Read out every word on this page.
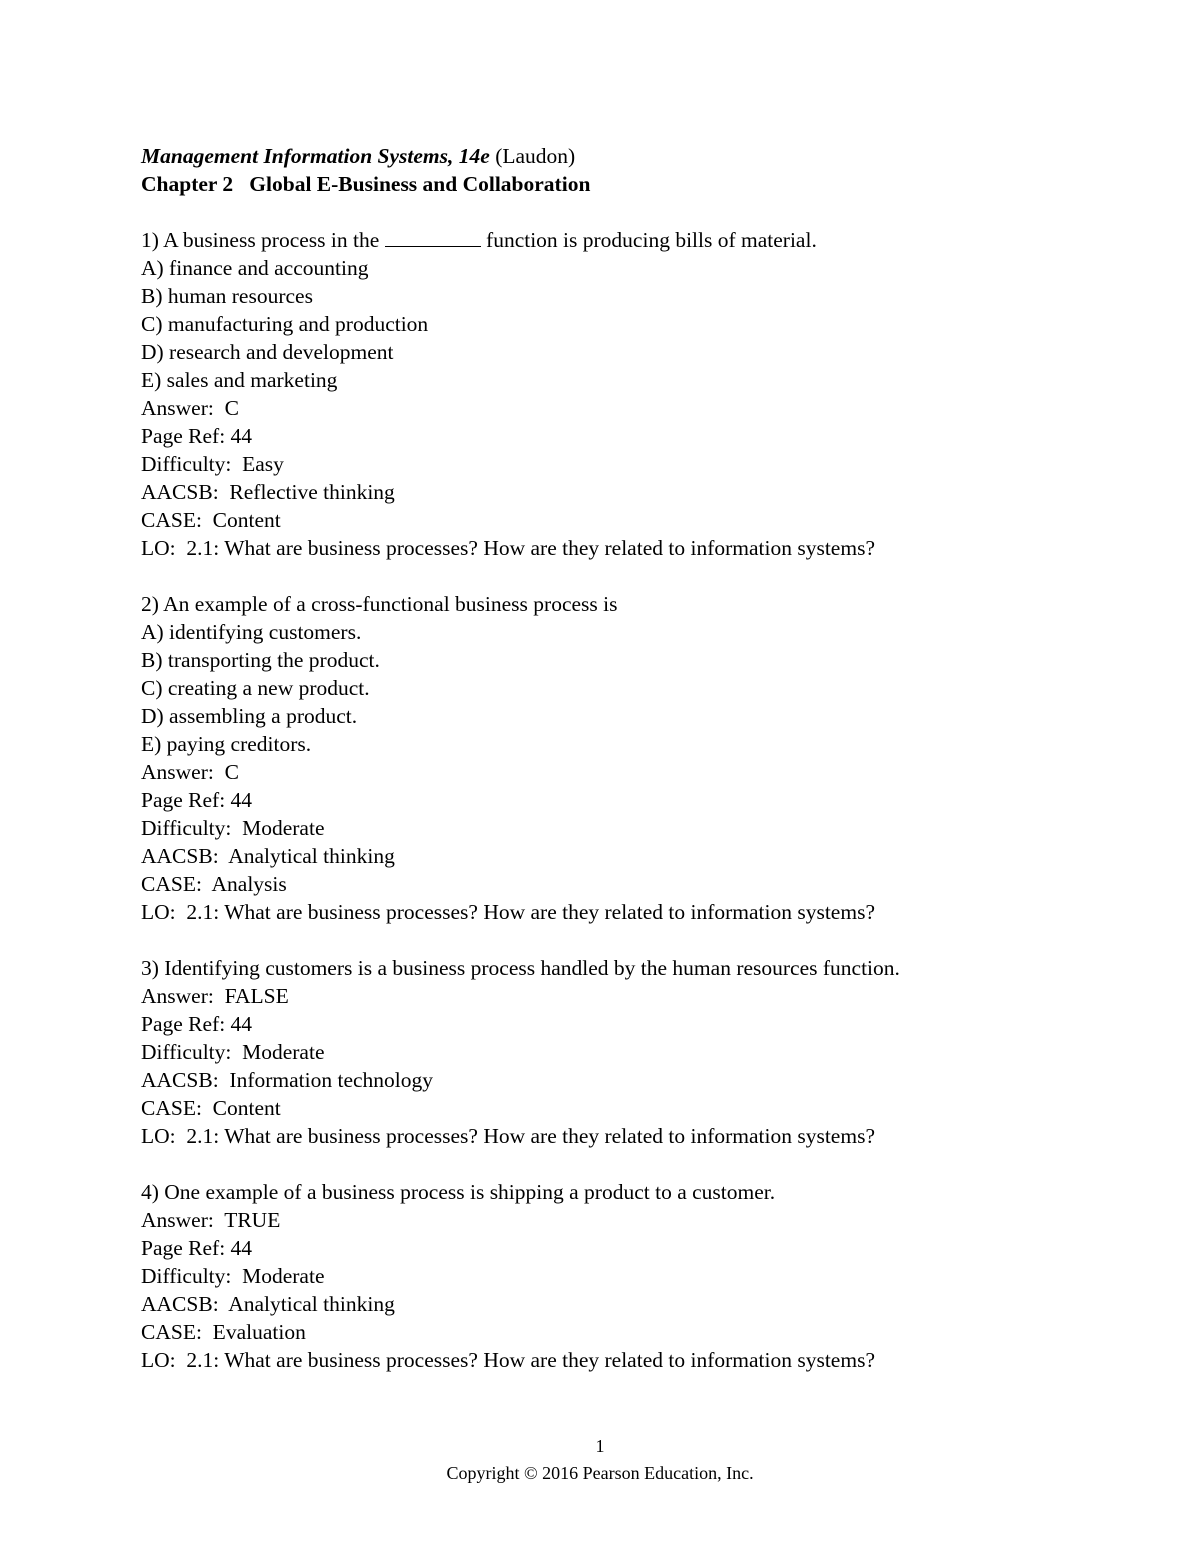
Management Information Systems, 14e (Laudon)
Chapter 2   Global E-Business and Collaboration
1) A business process in the	function is producing bills of material.
A) finance and accounting
B) human resources
C) manufacturing and production
D) research and development
E) sales and marketing
Answer:  C
Page Ref: 44
Difficulty:  Easy
AACSB:  Reflective thinking
CASE:  Content
LO:  2.1: What are business processes? How are they related to information systems?
2) An example of a cross-functional business process is
A) identifying customers.
B) transporting the product.
C) creating a new product.
D) assembling a product.
E) paying creditors.
Answer:  C
Page Ref: 44
Difficulty:  Moderate
AACSB:  Analytical thinking
CASE:  Analysis
LO:  2.1: What are business processes? How are they related to information systems?
3) Identifying customers is a business process handled by the human resources function.
Answer:  FALSE
Page Ref: 44
Difficulty:  Moderate
AACSB:  Information technology
CASE:  Content
LO:  2.1: What are business processes? How are they related to information systems?
4) One example of a business process is shipping a product to a customer.
Answer:  TRUE
Page Ref: 44
Difficulty:  Moderate
AACSB:  Analytical thinking
CASE:  Evaluation
LO:  2.1: What are business processes? How are they related to information systems?
1
Copyright © 2016 Pearson Education, Inc.
